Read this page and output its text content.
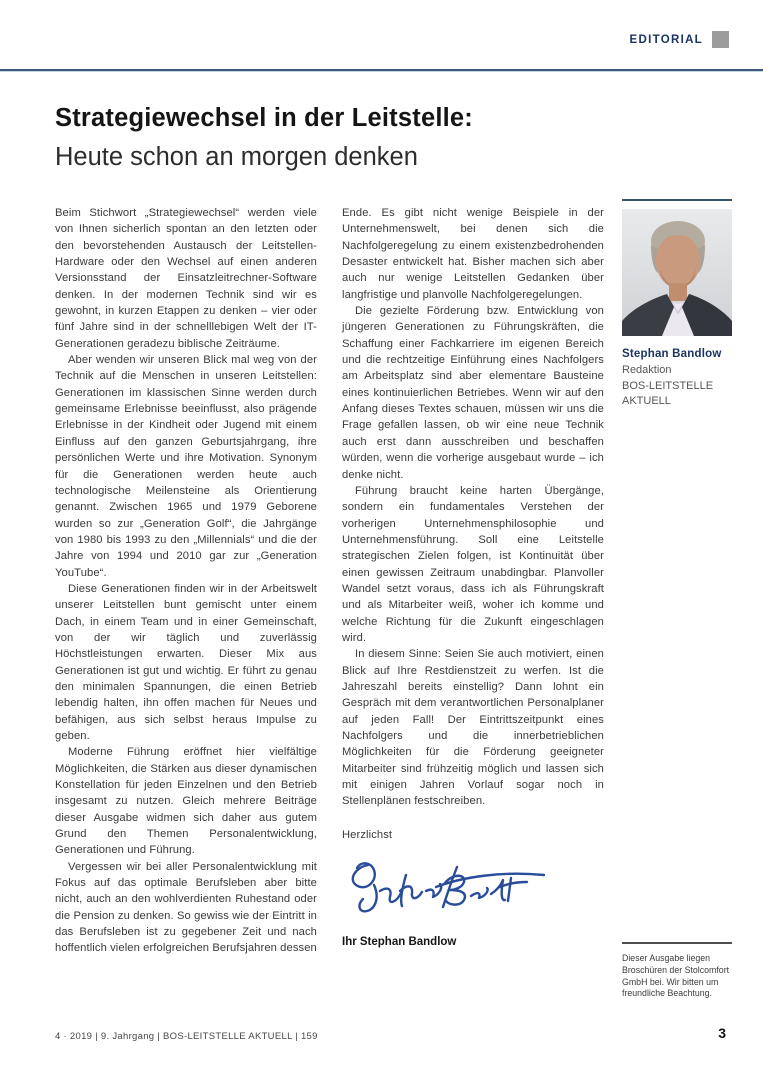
EDITORIAL
Strategiewechsel in der Leitstelle:
Heute schon an morgen denken

Beim Stichwort „Strategiewechsel“ werden viele von Ihnen sicherlich spontan an den letzten oder den bevorstehenden Austausch der Leitstellen-Hardware oder den Wechsel auf einen anderen Versionsstand der Einsatzleitrechner-Software denken. In der modernen Technik sind wir es gewohnt, in kurzen Etappen zu denken – vier oder fünf Jahre sind in der schnelllebigen Welt der IT-Generationen geradezu biblische Zeiträume.

Aber wenden wir unseren Blick mal weg von der Technik auf die Menschen in unseren Leitstellen: Generationen im klassischen Sinne werden durch gemeinsame Erlebnisse beeinflusst, also prägende Erlebnisse in der Kindheit oder Jugend mit einem Einfluss auf den ganzen Geburtsjahrgang, ihre persönlichen Werte und ihre Motivation. Synonym für die Generationen werden heute auch technologische Meilensteine als Orientierung genannt. Zwischen 1965 und 1979 Geborene wurden so zur „Generation Golf“, die Jahrgänge von 1980 bis 1993 zu den „Millennials“ und die der Jahre von 1994 und 2010 gar zur „Generation YouTube“.

Diese Generationen finden wir in der Arbeitswelt unserer Leitstellen bunt gemischt unter einem Dach, in einem Team und in einer Gemeinschaft, von der wir täglich und zuverlässig Höchstleistungen erwarten. Dieser Mix aus Generationen ist gut und wichtig. Er führt zu genau den minimalen Spannungen, die einen Betrieb lebendig halten, ihn offen machen für Neues und befähigen, aus sich selbst heraus Impulse zu geben.

Moderne Führung eröffnet hier vielfältige Möglichkeiten, die Stärken aus dieser dynamischen Konstellation für jeden Einzelnen und den Betrieb insgesamt zu nutzen. Gleich mehrere Beiträge dieser Ausgabe widmen sich daher aus gutem Grund den Themen Personalentwicklung, Generationen und Führung.

Vergessen wir bei aller Personalentwicklung mit Fokus auf das optimale Berufsleben aber bitte nicht, auch an den wohlverdienten Ruhestand oder die Pension zu denken. So gewiss wie der Eintritt in das Berufsleben ist zu gegebener Zeit und nach hoffentlich vielen erfolgreichen Berufsjahren dessen

Ende. Es gibt nicht wenige Beispiele in der Unternehmenswelt, bei denen sich die Nachfolgeregelung zu einem existenzbedrohenden Desaster entwickelt hat. Bisher machen sich aber auch nur wenige Leitstellen Gedanken über langfristige und planvolle Nachfolgeregelungen.

Die gezielte Förderung bzw. Entwicklung von jüngeren Generationen zu Führungskräften, die Schaffung einer Fachkarriere im eigenen Bereich und die rechtzeitige Einführung eines Nachfolgers am Arbeitsplatz sind aber elementare Bausteine eines kontinuierlichen Betriebes. Wenn wir auf den Anfang dieses Textes schauen, müssen wir uns die Frage gefallen lassen, ob wir eine neue Technik auch erst dann ausschreiben und beschaffen würden, wenn die vorherige ausgebaut wurde – ich denke nicht.

Führung braucht keine harten Übergänge, sondern ein fundamentales Verstehen der vorherigen Unternehmensphilosophie und Unternehmensführung. Soll eine Leitstelle strategischen Zielen folgen, ist Kontinuität über einen gewissen Zeitraum unabdingbar. Planvoller Wandel setzt voraus, dass ich als Führungskraft und als Mitarbeiter weiß, woher ich komme und welche Richtung für die Zukunft eingeschlagen wird.

In diesem Sinne: Seien Sie auch motiviert, einen Blick auf Ihre Restdienstzeit zu werfen. Ist die Jahreszahl bereits einstellig? Dann lohnt ein Gespräch mit dem verantwortlichen Personalplaner auf jeden Fall! Der Eintrittszeitpunkt eines Nachfolgers und die innerbetrieblichen Möglichkeiten für die Förderung geeigneter Mitarbeiter sind frühzeitig möglich und lassen sich mit einigen Jahren Vorlauf sogar noch in Stellenplänen festschreiben.

Herzlichst

Ihr Stephan Bandlow
Stephan Bandlow
Redaktion
BOS-LEITSTELLE
AKTUELL

Dieser Ausgabe liegen Broschüren der Stolcomfort GmbH bei. Wir bitten um freundliche Beachtung.

4 · 2019 | 9. Jahrgang | BOS-LEITSTELLE AKTUELL | 159	3
